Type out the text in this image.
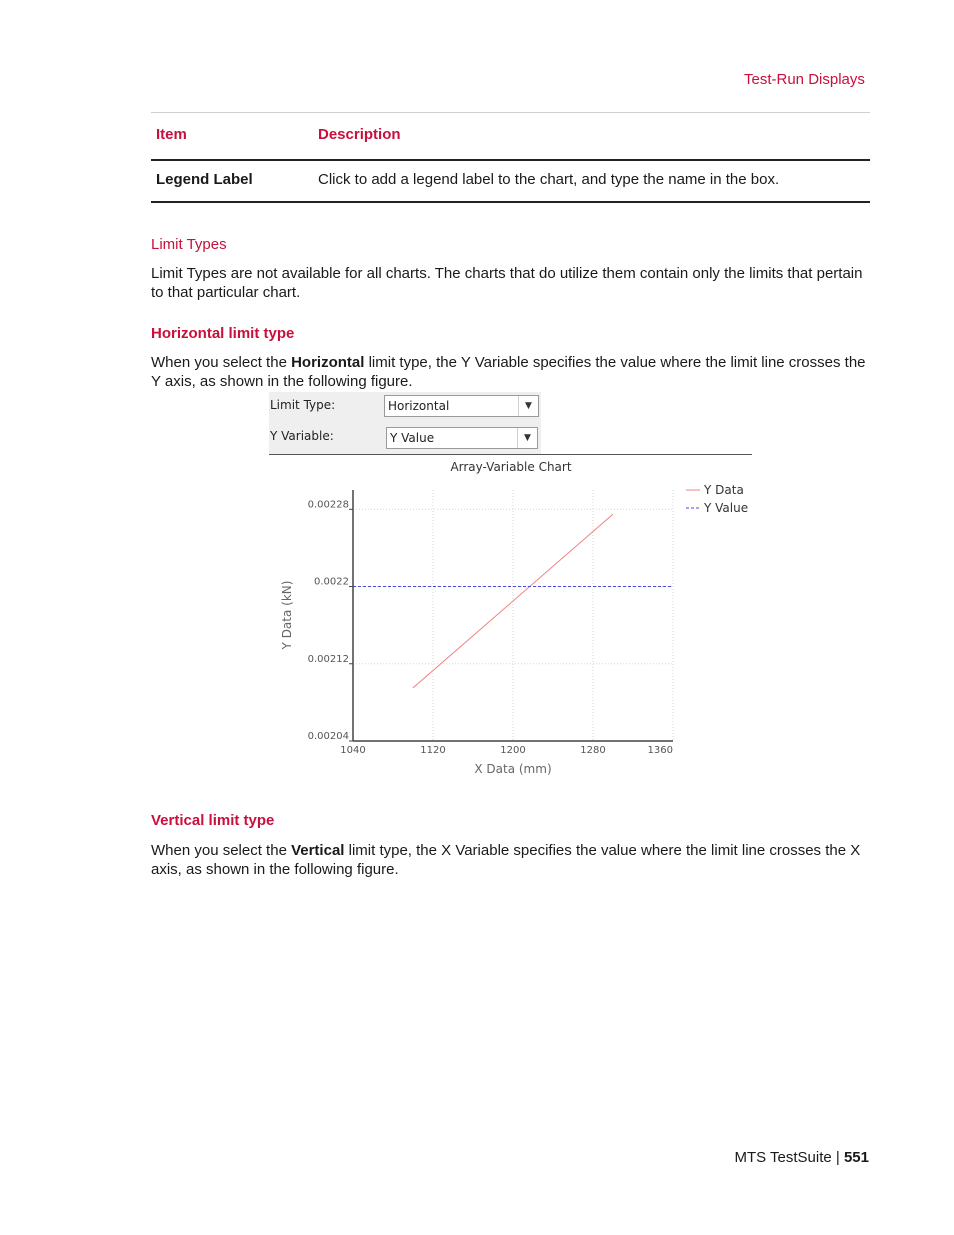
Test-Run Displays
Item	Description
Legend Label	Click to add a legend label to the chart, and type the name in the box.
Limit Types
Limit Types are not available for all charts. The charts that do utilize them contain only the limits that pertain to that particular chart.
Horizontal limit type
When you select the Horizontal limit type, the Y Variable specifies the value where the limit line crosses the Y axis, as shown in the following figure.
Limit Type:	Horizontal	▼
Y Variable:	Y Value	▼
Array-Variable Chart
0.00204
0.00212
0.0022
0.00228
1040	1120	1200	1280	1360
X Data (mm)
Y Data (kN)
Y Data
Y Value
Vertical limit type
When you select the Vertical limit type, the X Variable specifies the value where the limit line crosses the X axis, as shown in the following figure.
MTS TestSuite | 551
